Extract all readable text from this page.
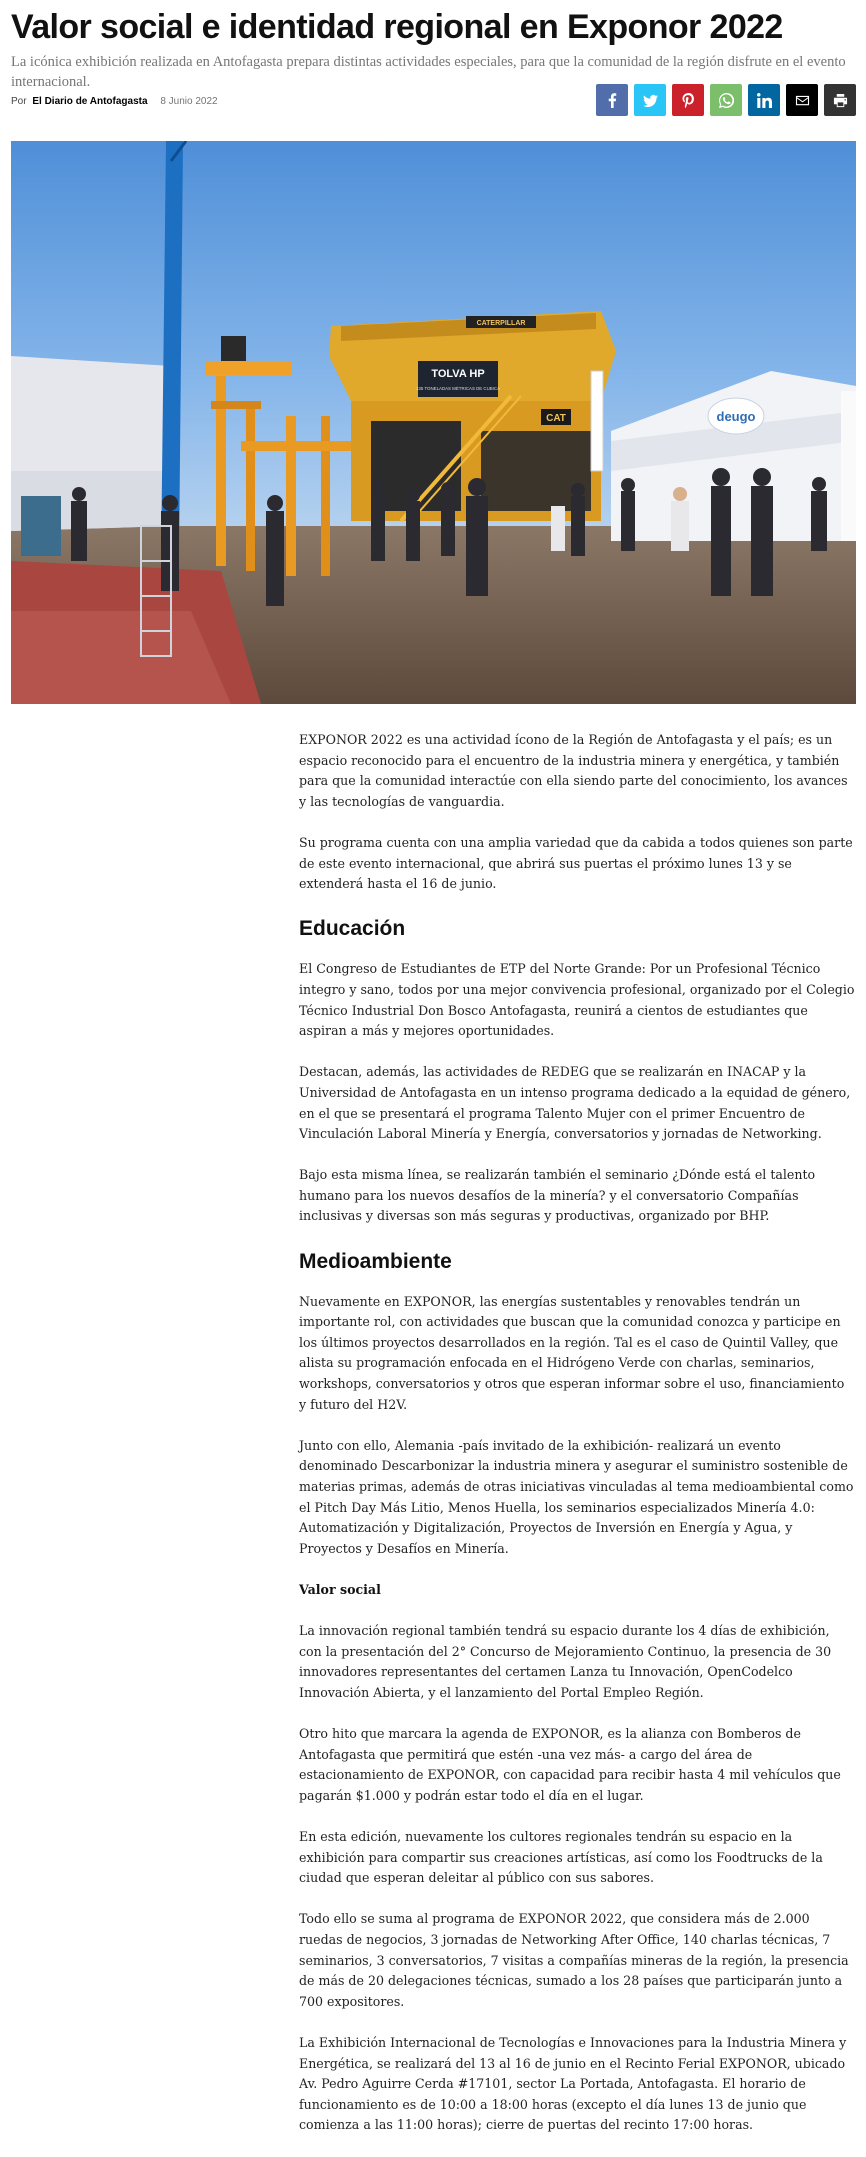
Valor social e identidad regional en Exponor 2022

La icónica exhibición realizada en Antofagasta prepara distintas actividades especiales, para que la comunidad de la región disfrute en el evento internacional.

Por El Diario de Antofagasta 8 Junio 2022
CATERPILLAR
TOLVA HP
135 TONELADAS MÉTRICAS DE CUBICA
CAT	deugo

EXPONOR 2022 es una actividad ícono de la Región de Antofagasta y el país; es un espacio reconocido para el encuentro de la industria minera y energética, y también para que la comunidad interactúe con ella siendo parte del conocimiento, los avances y las tecnologías de vanguardia.

Su programa cuenta con una amplia variedad que da cabida a todos quienes son parte de este evento internacional, que abrirá sus puertas el próximo lunes 13 y se extenderá hasta el 16 de junio.

Educación

El Congreso de Estudiantes de ETP del Norte Grande: Por un Profesional Técnico integro y sano, todos por una mejor convivencia profesional, organizado por el Colegio Técnico Industrial Don Bosco Antofagasta, reunirá a cientos de estudiantes que aspiran a más y mejores oportunidades.

Destacan, además, las actividades de REDEG que se realizarán en INACAP y la Universidad de Antofagasta en un intenso programa dedicado a la equidad de género, en el que se presentará el programa Talento Mujer con el primer Encuentro de Vinculación Laboral Minería y Energía, conversatorios y jornadas de Networking.

Bajo esta misma línea, se realizarán también el seminario ¿Dónde está el talento humano para los nuevos desafíos de la minería? y el conversatorio Compañías inclusivas y diversas son más seguras y productivas, organizado por BHP.

Medioambiente

Nuevamente en EXPONOR, las energías sustentables y renovables tendrán un importante rol, con actividades que buscan que la comunidad conozca y participe en los últimos proyectos desarrollados en la región. Tal es el caso de Quintil Valley, que alista su programación enfocada en el Hidrógeno Verde con charlas, seminarios, workshops, conversatorios y otros que esperan informar sobre el uso, financiamiento y futuro del H2V.

Junto con ello, Alemania -país invitado de la exhibición- realizará un evento denominado Descarbonizar la industria minera y asegurar el suministro sostenible de materias primas, además de otras iniciativas vinculadas al tema medioambiental como el Pitch Day Más Litio, Menos Huella, los seminarios especializados Minería 4.0: Automatización y Digitalización, Proyectos de Inversión en Energía y Agua, y Proyectos y Desafíos en Minería.

Valor social

La innovación regional también tendrá su espacio durante los 4 días de exhibición, con la presentación del 2° Concurso de Mejoramiento Continuo, la presencia de 30 innovadores representantes del certamen Lanza tu Innovación, OpenCodelco Innovación Abierta, y el lanzamiento del Portal Empleo Región.

Otro hito que marcara la agenda de EXPONOR, es la alianza con Bomberos de Antofagasta que permitirá que estén -una vez más- a cargo del área de estacionamiento de EXPONOR, con capacidad para recibir hasta 4 mil vehículos que pagarán $1.000 y podrán estar todo el día en el lugar.

En esta edición, nuevamente los cultores regionales tendrán su espacio en la exhibición para compartir sus creaciones artísticas, así como los Foodtrucks de la ciudad que esperan deleitar al público con sus sabores.

Todo ello se suma al programa de EXPONOR 2022, que considera más de 2.000 ruedas de negocios, 3 jornadas de Networking After Office, 140 charlas técnicas, 7 seminarios, 3 conversatorios, 7 visitas a compañías mineras de la región, la presencia de más de 20 delegaciones técnicas, sumado a los 28 países que participarán junto a 700 expositores.

La Exhibición Internacional de Tecnologías e Innovaciones para la Industria Minera y Energética, se realizará del 13 al 16 de junio en el Recinto Ferial EXPONOR, ubicado Av. Pedro Aguirre Cerda #17101, sector La Portada, Antofagasta. El horario de funcionamiento es de 10:00 a 18:00 horas (excepto el día lunes 13 de junio que comienza a las 11:00 horas); cierre de puertas del recinto 17:00 horas.
